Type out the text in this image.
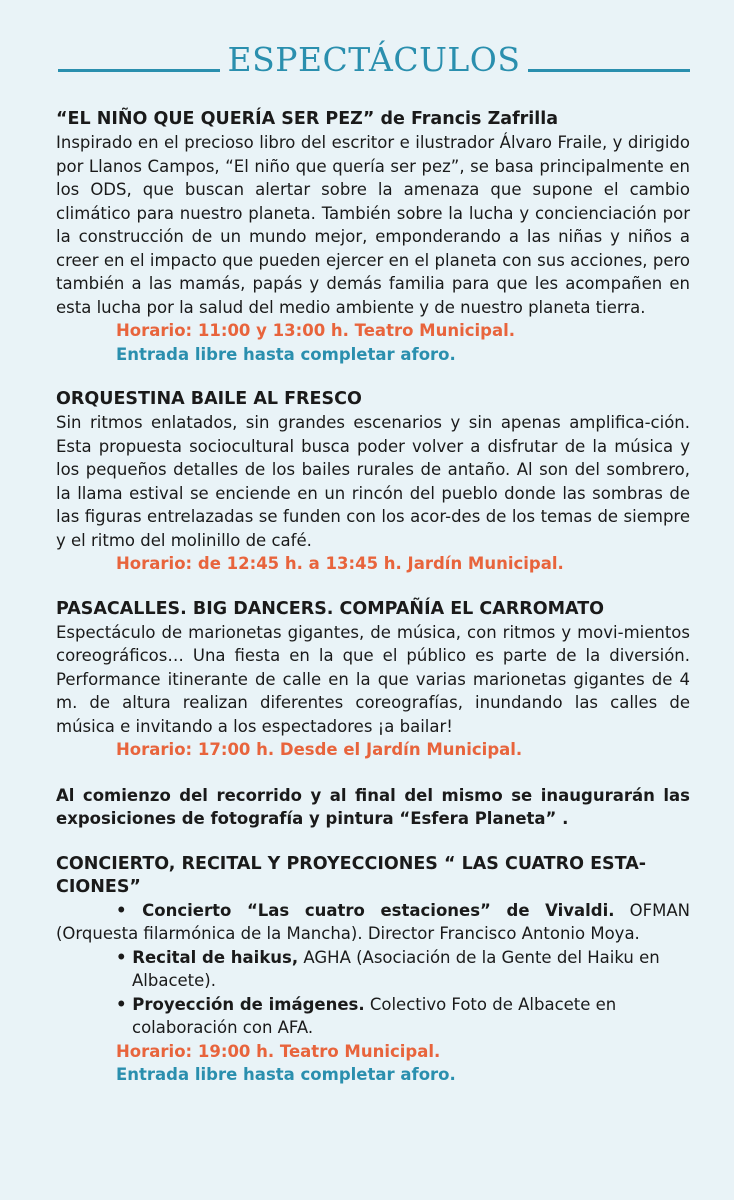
ESPECTÁCULOS

“EL NIÑO QUE QUERÍA SER PEZ” de Francis Zafrilla

Inspirado en el precioso libro del escritor e ilustrador Álvaro Fraile, y dirigido por Llanos Campos, “El niño que quería ser pez”, se basa principalmente en los ODS, que buscan alertar sobre la amenaza que supone el cambio climático para nuestro planeta. También sobre la lucha y concienciación por la construcción de un mundo mejor, emponderando a las niñas y niños a creer en el impacto que pueden ejercer en el planeta con sus acciones, pero también a las mamás, papás y demás familia para que les acompañen en esta lucha por la salud del medio ambiente y de nuestro planeta tierra.

Horario: 11:00 y 13:00 h. Teatro Municipal.

Entrada libre hasta completar aforo.

ORQUESTINA BAILE AL FRESCO

Sin ritmos enlatados, sin grandes escenarios y sin apenas amplifica-ción. Esta propuesta sociocultural busca poder volver a disfrutar de la música y los pequeños detalles de los bailes rurales de antaño. Al son del sombrero, la llama estival se enciende en un rincón del pueblo donde las sombras de las figuras entrelazadas se funden con los acor-des de los temas de siempre y el ritmo del molinillo de café.

Horario: de 12:45 h. a 13:45 h. Jardín Municipal.

PASACALLES. BIG DANCERS. COMPAÑÍA EL CARROMATO

Espectáculo de marionetas gigantes, de música, con ritmos y movi-mientos coreográficos… Una fiesta en la que el público es parte de la diversión. Performance itinerante de calle en la que varias marionetas gigantes de 4 m. de altura realizan diferentes coreografías, inundando las calles de música e invitando a los espectadores ¡a bailar!

Horario: 17:00 h. Desde el Jardín Municipal.

Al comienzo del recorrido y al final del mismo se inaugurarán las exposiciones de fotografía y pintura “Esfera Planeta” .

CONCIERTO, RECITAL Y PROYECCIONES “ LAS CUATRO ESTA-CIONES”

• Concierto “Las cuatro estaciones” de Vivaldi. OFMAN (Orquesta filarmónica de la Mancha). Director Francisco Antonio Moya.

• Recital de haikus, AGHA (Asociación de la Gente del Haiku en Albacete).

• Proyección de imágenes. Colectivo Foto de Albacete en colaboración con AFA.

Horario: 19:00 h. Teatro Municipal.

Entrada libre hasta completar aforo.
